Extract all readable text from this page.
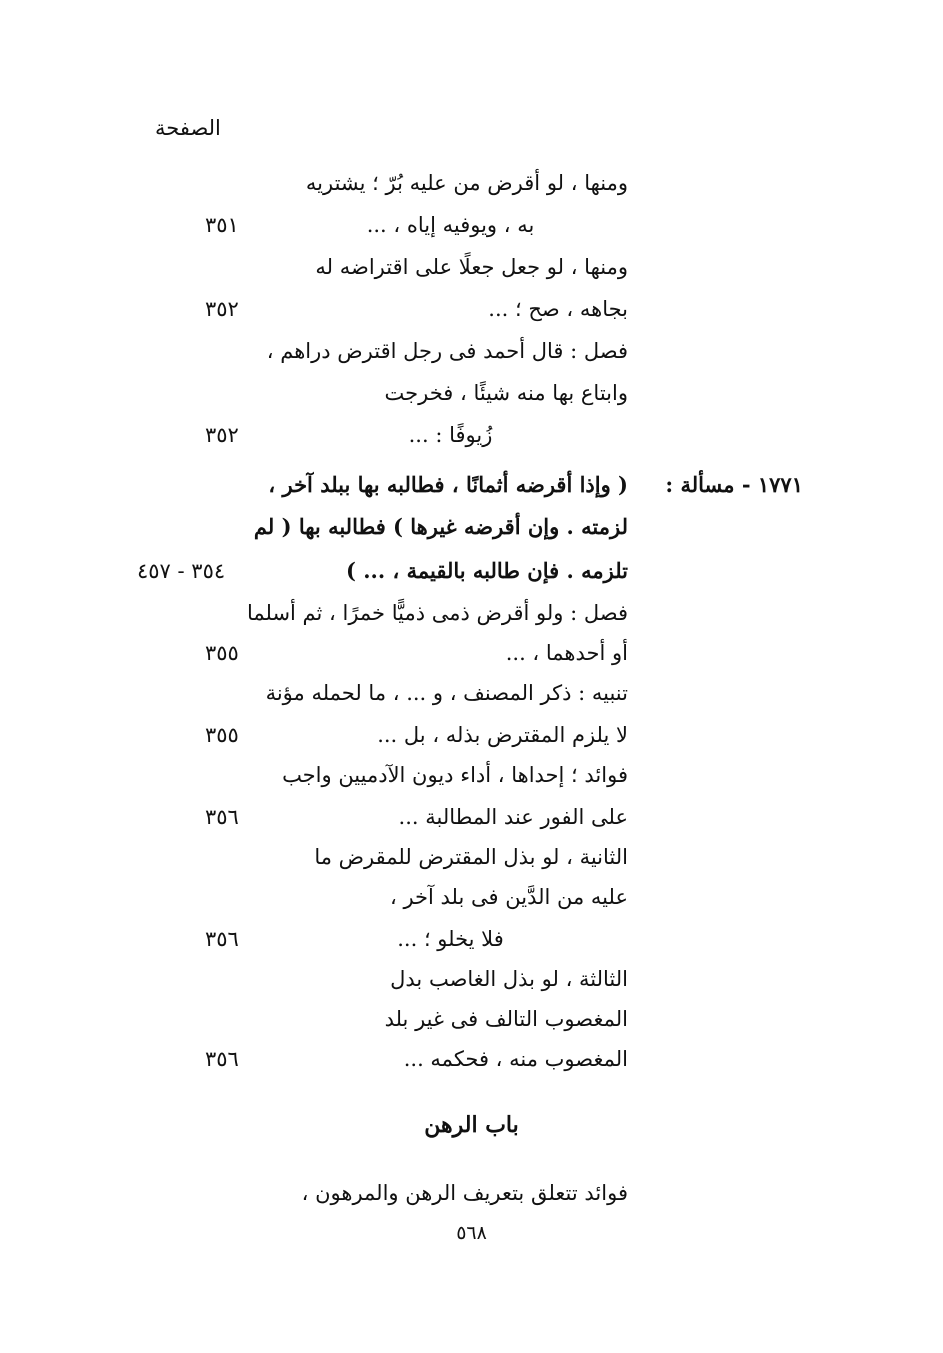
الصفحة
ومنها ، لو أقرض من عليه بُرّ ؛ يشتريه
به ، ويوفيه إياه ، ...
٣٥١
ومنها ، لو جعل جعلًا على اقتراضه له
بجاهه ، صح ؛ ...
٣٥٢
فصل : قال أحمد فى رجل اقترض دراهم ،
وابتاع بها منه شيئًا ، فخرجت
زُيوفًا : ...
٣٥٢
١٧٧١ - مسألة :
( وإذا أقرضه أثمانًا ، فطالبه بها ببلد آخر ،
لزمته . وإن أقرضه غيرها ) فطالبه بها ( لم
تلزمه . فإن طالبه بالقيمة ، ... )
٣٥٤ - ٤٥٧
فصل : ولو أقرض ذمى ذميًّا خمرًا ، ثم أسلما
أو أحدهما ، ...
٣٥٥
تنبيه : ذكر المصنف ، و ... ، ما لحمله مؤنة
لا يلزم المقترض بذله ، بل ...
٣٥٥
فوائد ؛ إحداها ، أداء ديون الآدميين واجب
على الفور عند المطالبة ...
٣٥٦
الثانية ، لو بذل المقترض للمقرض ما
عليه من الدَّين فى بلد آخر ،
فلا يخلو ؛ ...
٣٥٦
الثالثة ، لو بذل الغاصب بدل
المغصوب التالف فى غير بلد
المغصوب منه ، فحكمه ...
٣٥٦
باب الرهن
فوائد تتعلق بتعريف الرهن والمرهون ،
٥٦٨
